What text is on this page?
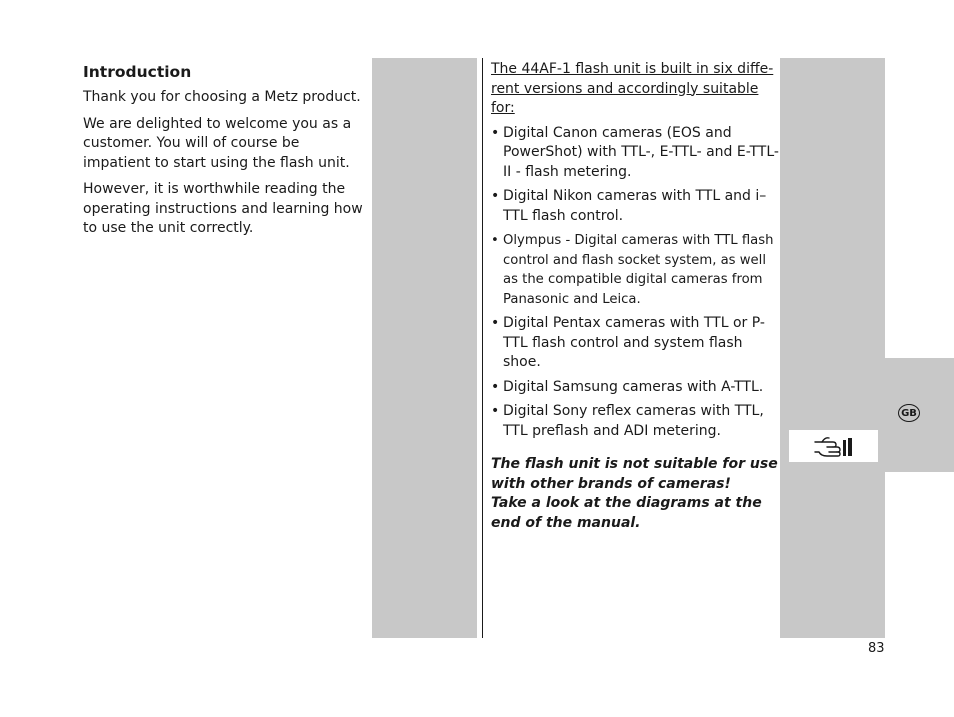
Introduction

Thank you for choosing a Metz product.

We are delighted to welcome you as a customer. You will of course be impatient to start using the flash unit.

However, it is worthwhile reading the operating instructions and learning how to use the unit correctly.

The 44AF-1 flash unit is built in six diffe-rent versions and accordingly suitable for:

• Digital Canon cameras (EOS and PowerShot) with TTL-, E-TTL- and E-TTL-II - flash metering.
• Digital Nikon cameras with TTL and i–TTL flash control.
• Olympus - Digital cameras with TTL flash control and flash socket system, as well as the compatible digital cameras from Panasonic and Leica.
• Digital Pentax cameras with TTL or P-TTL flash control and system flash shoe.
• Digital Samsung cameras with A-TTL.
• Digital Sony reflex cameras with TTL, TTL preflash and ADI metering.

The flash unit is not suitable for use with other brands of cameras!
Take a look at the diagrams at the end of the manual.

GB
83
